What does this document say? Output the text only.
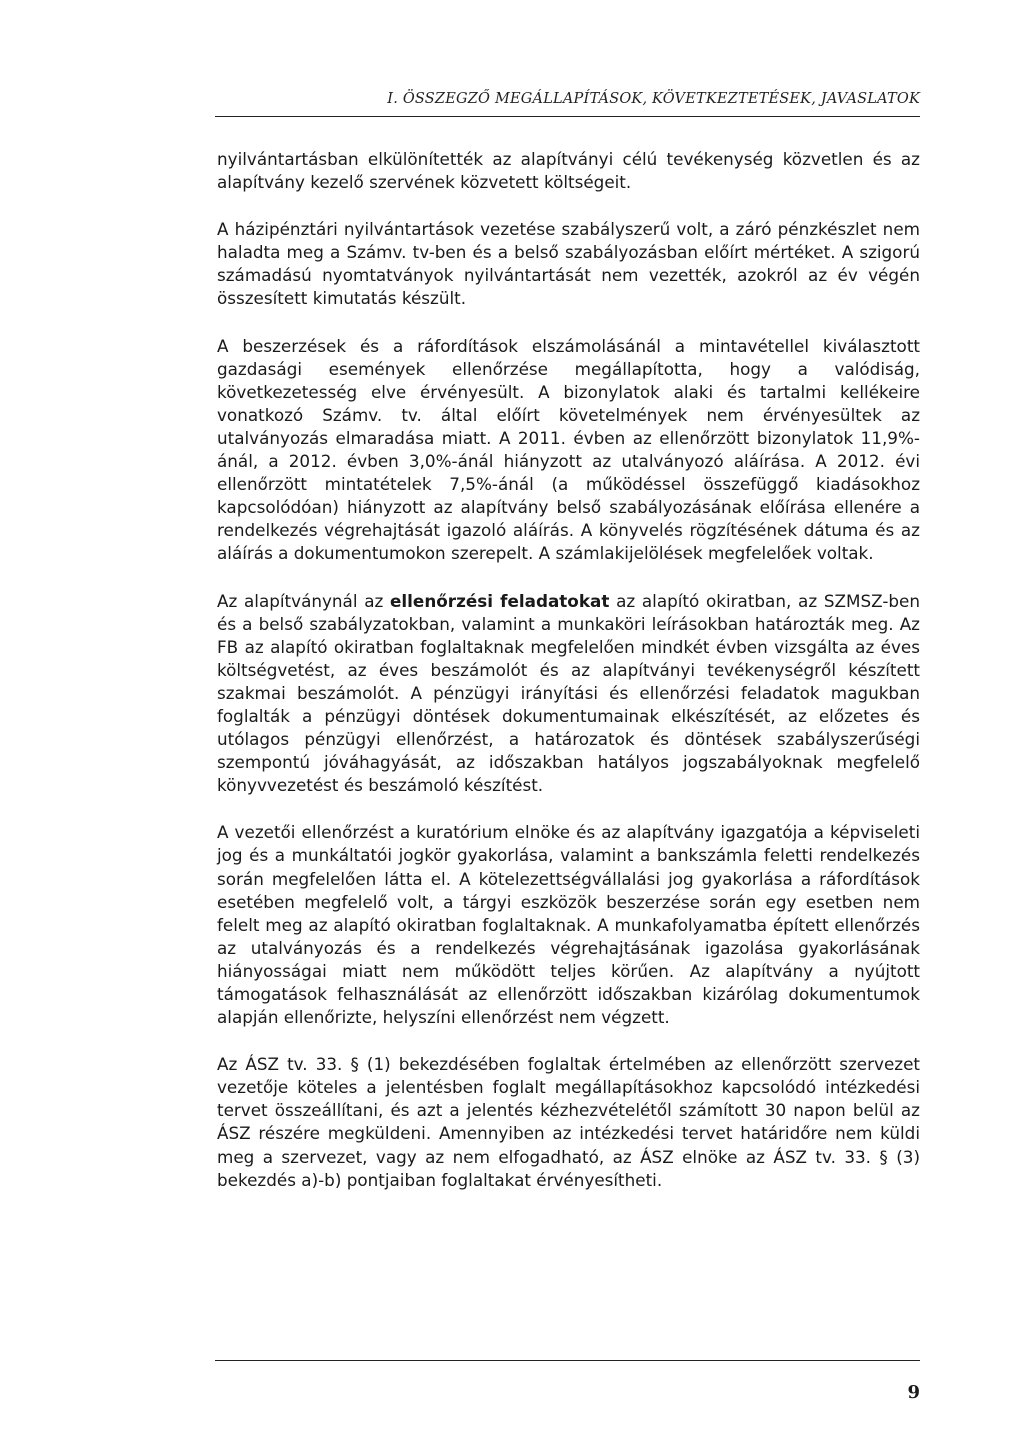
I. ÖSSZEGZŐ MEGÁLLAPÍTÁSOK, KÖVETKEZTETÉSEK, JAVASLATOK

nyilvántartásban elkülönítették az alapítványi célú tevékenység közvetlen és az alapítvány kezelő szervének közvetett költségeit.

A házipénztári nyilvántartások vezetése szabályszerű volt, a záró pénzkészlet nem haladta meg a Számv. tv-ben és a belső szabályozásban előírt mértéket. A szigorú számadású nyomtatványok nyilvántartását nem vezették, azokról az év végén összesített kimutatás készült.

A beszerzések és a ráfordítások elszámolásánál a mintavétellel kiválasztott gazdasági események ellenőrzése megállapította, hogy a valódiság, következetesség elve érvényesült. A bizonylatok alaki és tartalmi kellékeire vonatkozó Számv. tv. által előírt követelmények nem érvényesültek az utalványozás elmaradása miatt. A 2011. évben az ellenőrzött bizonylatok 11,9%-ánál, a 2012. évben 3,0%-ánál hiányzott az utalványozó aláírása. A 2012. évi ellenőrzött mintatételek 7,5%-ánál (a működéssel összefüggő kiadásokhoz kapcsolódóan) hiányzott az alapítvány belső szabályozásának előírása ellenére a rendelkezés végrehajtását igazoló aláírás. A könyvelés rögzítésének dátuma és az aláírás a dokumentumokon szerepelt. A számlakijelölések megfelelőek voltak.

Az alapítványnál az ellenőrzési feladatokat az alapító okiratban, az SZMSZ-ben és a belső szabályzatokban, valamint a munkaköri leírásokban határozták meg. Az FB az alapító okiratban foglaltaknak megfelelően mindkét évben vizsgálta az éves költségvetést, az éves beszámolót és az alapítványi tevékenységről készített szakmai beszámolót. A pénzügyi irányítási és ellenőrzési feladatok magukban foglalták a pénzügyi döntések dokumentumainak elkészítését, az előzetes és utólagos pénzügyi ellenőrzést, a határozatok és döntések szabályszerűségi szempontú jóváhagyását, az időszakban hatályos jogszabályoknak megfelelő könyvvezetést és beszámoló készítést.

A vezetői ellenőrzést a kuratórium elnöke és az alapítvány igazgatója a képviseleti jog és a munkáltatói jogkör gyakorlása, valamint a bankszámla feletti rendelkezés során megfelelően látta el. A kötelezettségvállalási jog gyakorlása a ráfordítások esetében megfelelő volt, a tárgyi eszközök beszerzése során egy esetben nem felelt meg az alapító okiratban foglaltaknak. A munkafolyamatba épített ellenőrzés az utalványozás és a rendelkezés végrehajtásának igazolása gyakorlásának hiányosságai miatt nem működött teljes körűen. Az alapítvány a nyújtott támogatások felhasználását az ellenőrzött időszakban kizárólag dokumentumok alapján ellenőrizte, helyszíni ellenőrzést nem végzett.

Az ÁSZ tv. 33. § (1) bekezdésében foglaltak értelmében az ellenőrzött szervezet vezetője köteles a jelentésben foglalt megállapításokhoz kapcsolódó intézkedési tervet összeállítani, és azt a jelentés kézhezvételétől számított 30 napon belül az ÁSZ részére megküldeni. Amennyiben az intézkedési tervet határidőre nem küldi meg a szervezet, vagy az nem elfogadható, az ÁSZ elnöke az ÁSZ tv. 33. § (3) bekezdés a)-b) pontjaiban foglaltakat érvényesítheti.

9
